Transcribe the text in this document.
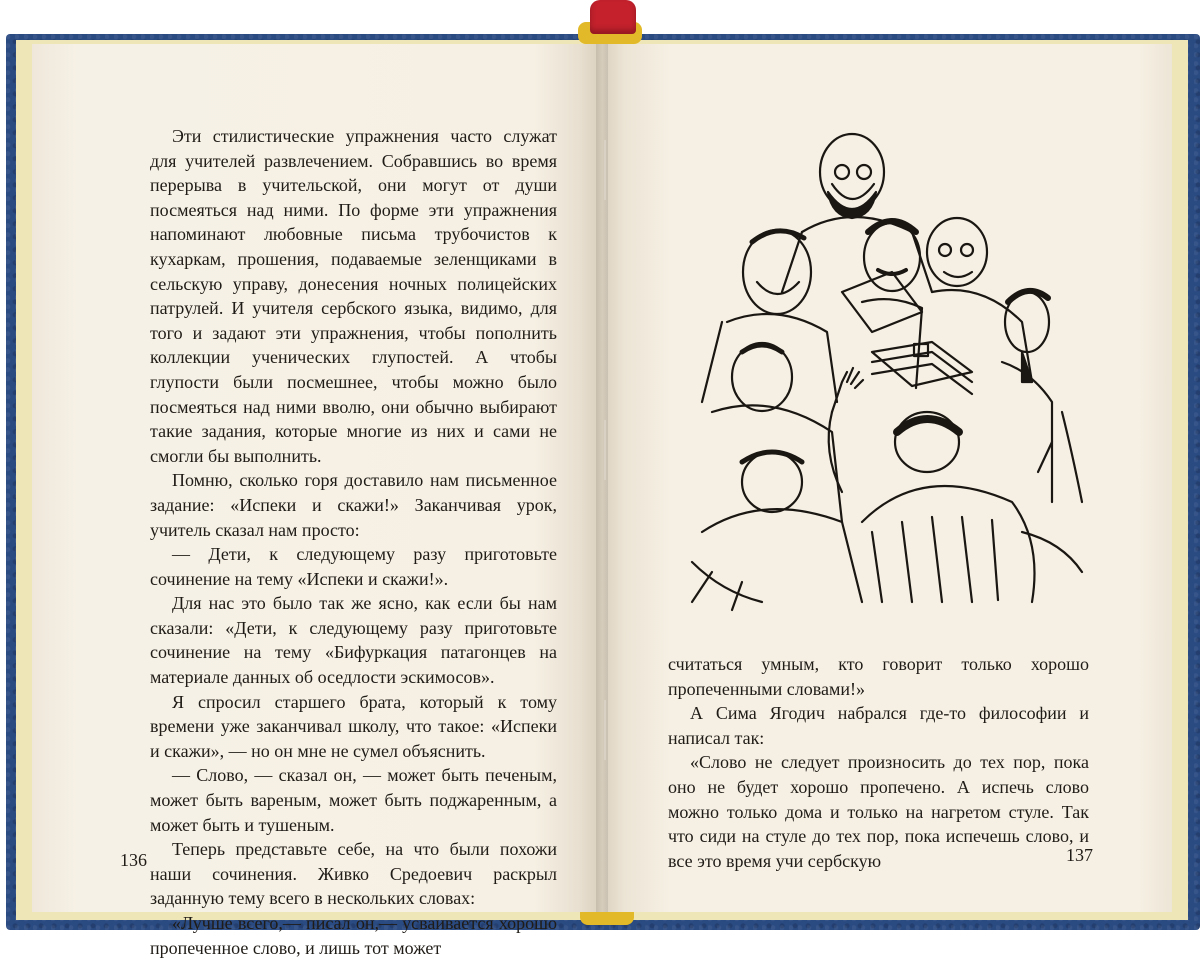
Эти стилистические упражнения часто служат для учителей развлечением. Собравшись во время перерыва в учительской, они могут от души посмеяться над ними. По форме эти упражнения напоминают любовные письма трубочистов к кухаркам, прошения, подаваемые зеленщиками в сельскую управу, донесения ночных полицейских патрулей. И учителя сербского языка, видимо, для того и задают эти упражнения, чтобы пополнить коллекции ученических глупостей. А чтобы глупости были посмешнее, чтобы можно было посмеяться над ними вволю, они обычно выбирают такие задания, которые многие из них и сами не смогли бы выполнить.

Помню, сколько горя доставило нам письменное задание: «Испеки и скажи!» Заканчивая урок, учитель сказал нам просто:

— Дети, к следующему разу приготовьте сочинение на тему «Испеки и скажи!».

Для нас это было так же ясно, как если бы нам сказали: «Дети, к следующему разу приготовьте сочинение на тему «Бифуркация патагонцев на материале данных об оседлости эскимосов».

Я спросил старшего брата, который к тому времени уже заканчивал школу, что такое: «Испеки и скажи», — но он мне не сумел объяснить.

— Слово, — сказал он, — может быть печеным, может быть вареным, может быть поджаренным, а может быть и тушеным.

Теперь представьте себе, на что были похожи наши сочинения. Живко Средоевич раскрыл заданную тему всего в нескольких словах:

«Лучше всего,— писал он,— усваивается хорошо пропеченное слово, и лишь тот может

136

считаться умным, кто говорит только хорошо пропеченными словами!»

А Сима Ягодич набрался где-то философии и написал так:

«Слово не следует произносить до тех пор, пока оно не будет хорошо пропечено. А испечь слово можно только дома и только на нагретом стуле. Так что сиди на стуле до тех пор, пока испечешь слово, и все это время учи сербскую	137
